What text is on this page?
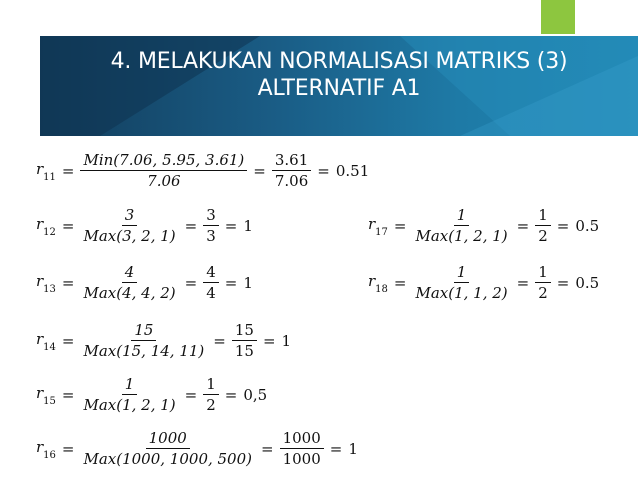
4. MELAKUKAN NORMALISASI MATRIKS (3)
ALTERNATIF A1
$r_{11} = \frac{\text{Min(7.06, 5.95, 3.61)}}{7.06} = \frac{3.61}{7.06} = 0.51$
$r_{12} = \frac{3}{\text{Max(3, 2, 1)}} = \frac{3}{3} = 1$
$r_{13} = \frac{4}{\text{Max(4, 4, 2)}} = \frac{4}{4} = 1$
$r_{14} = \frac{15}{\text{Max(15, 14, 11)}} = \frac{15}{15} = 1$
$r_{15} = \frac{1}{\text{Max(1, 2, 1)}} = \frac{1}{2} = 0,5$
$r_{16} = \frac{1000}{\text{Max(1000, 1000, 500)}} = \frac{1000}{1000} = 1$
$r_{17} = \frac{1}{\text{Max(1, 2, 1)}} = \frac{1}{2} = 0.5$
$r_{18} = \frac{1}{\text{Max(1, 1, 2)}} = \frac{1}{2} = 0.5$
